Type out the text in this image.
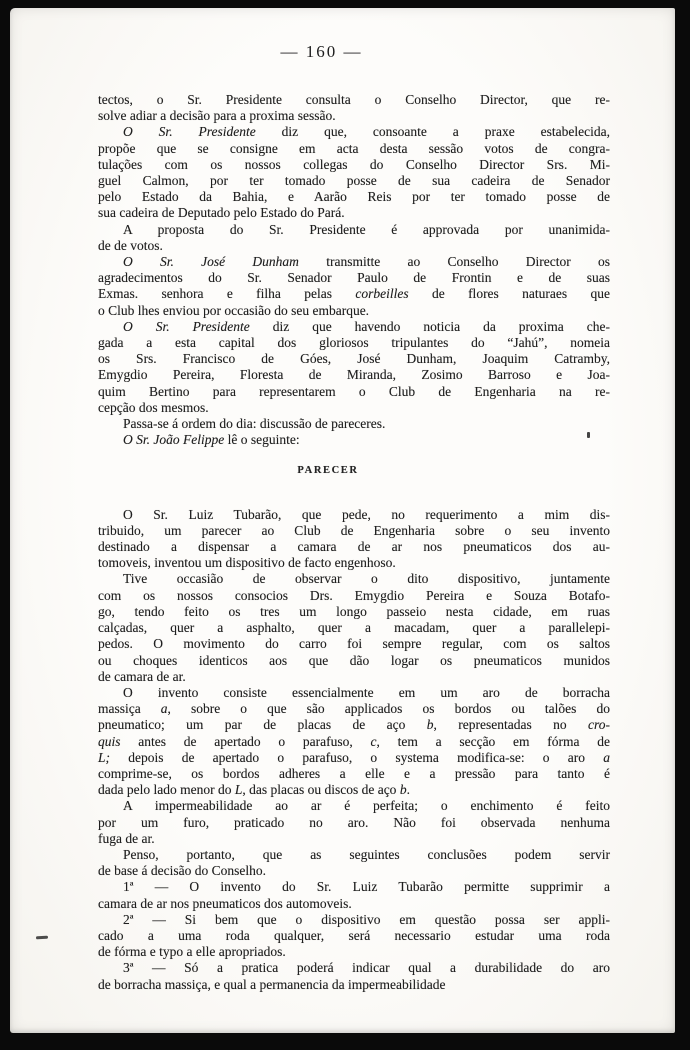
— 160 —
tectos, o Sr. Presidente consulta o Conselho Director, que re-
solve adiar a decisão para a proxima sessão.
O Sr. Presidente diz que, consoante a praxe estabelecida,
propõe que se consigne em acta desta sessão votos de congra-
tulações com os nossos collegas do Conselho Director Srs. Mi-
guel Calmon, por ter tomado posse de sua cadeira de Senador
pelo Estado da Bahia, e Aarão Reis por ter tomado posse de
sua cadeira de Deputado pelo Estado do Pará.
A proposta do Sr. Presidente é approvada por unanimida-
de de votos.
O Sr. José Dunham transmitte ao Conselho Director os
agradecimentos do Sr. Senador Paulo de Frontin e de suas
Exmas. senhora e filha pelas corbeilles de flores naturaes que
o Club lhes enviou por occasião do seu embarque.
O Sr. Presidente diz que havendo noticia da proxima che-
gada a esta capital dos gloriosos tripulantes do “Jahú”, nomeia
os Srs. Francisco de Góes, José Dunham, Joaquim Catramby,
Emygdio Pereira, Floresta de Miranda, Zosimo Barroso e Joa-
quim Bertino para representarem o Club de Engenharia na re-
cepção dos mesmos.
Passa-se á ordem do dia: discussão de pareceres.
O Sr. João Felippe lê o seguinte:
PARECER
O Sr. Luiz Tubarão, que pede, no requerimento a mim dis-
tribuido, um parecer ao Club de Engenharia sobre o seu invento
destinado a dispensar a camara de ar nos pneumaticos dos au-
tomoveis, inventou um dispositivo de facto engenhoso.
Tive occasião de observar o dito dispositivo, juntamente
com os nossos consocios Drs. Emygdio Pereira e Souza Botafo-
go, tendo feito os tres um longo passeio nesta cidade, em ruas
calçadas, quer a asphalto, quer a macadam, quer a parallelepi-
pedos. O movimento do carro foi sempre regular, com os saltos
ou choques identicos aos que dão logar os pneumaticos munidos
de camara de ar.
O invento consiste essencialmente em um aro de borracha
massiça a, sobre o que são applicados os bordos ou talões do
pneumatico; um par de placas de aço b, representadas no cro-
quis antes de apertado o parafuso, c, tem a secção em fórma de
L; depois de apertado o parafuso, o systema modifica-se: o aro a
comprime-se, os bordos adheres a elle e a pressão para tanto é
dada pelo lado menor do L, das placas ou discos de aço b.
A impermeabilidade ao ar é perfeita; o enchimento é feito
por um furo, praticado no aro. Não foi observada nenhuma
fuga de ar.
Penso, portanto, que as seguintes conclusões podem servir
de base á decisão do Conselho.
1ª — O invento do Sr. Luiz Tubarão permitte supprimir a
camara de ar nos pneumaticos dos automoveis.
2ª — Si bem que o dispositivo em questão possa ser appli-
cado a uma roda qualquer, será necessario estudar uma roda
de fórma e typo a elle apropriados.
3ª — Só a pratica poderá indicar qual a durabilidade do aro
de borracha massiça, e qual a permanencia da impermeabilidade
